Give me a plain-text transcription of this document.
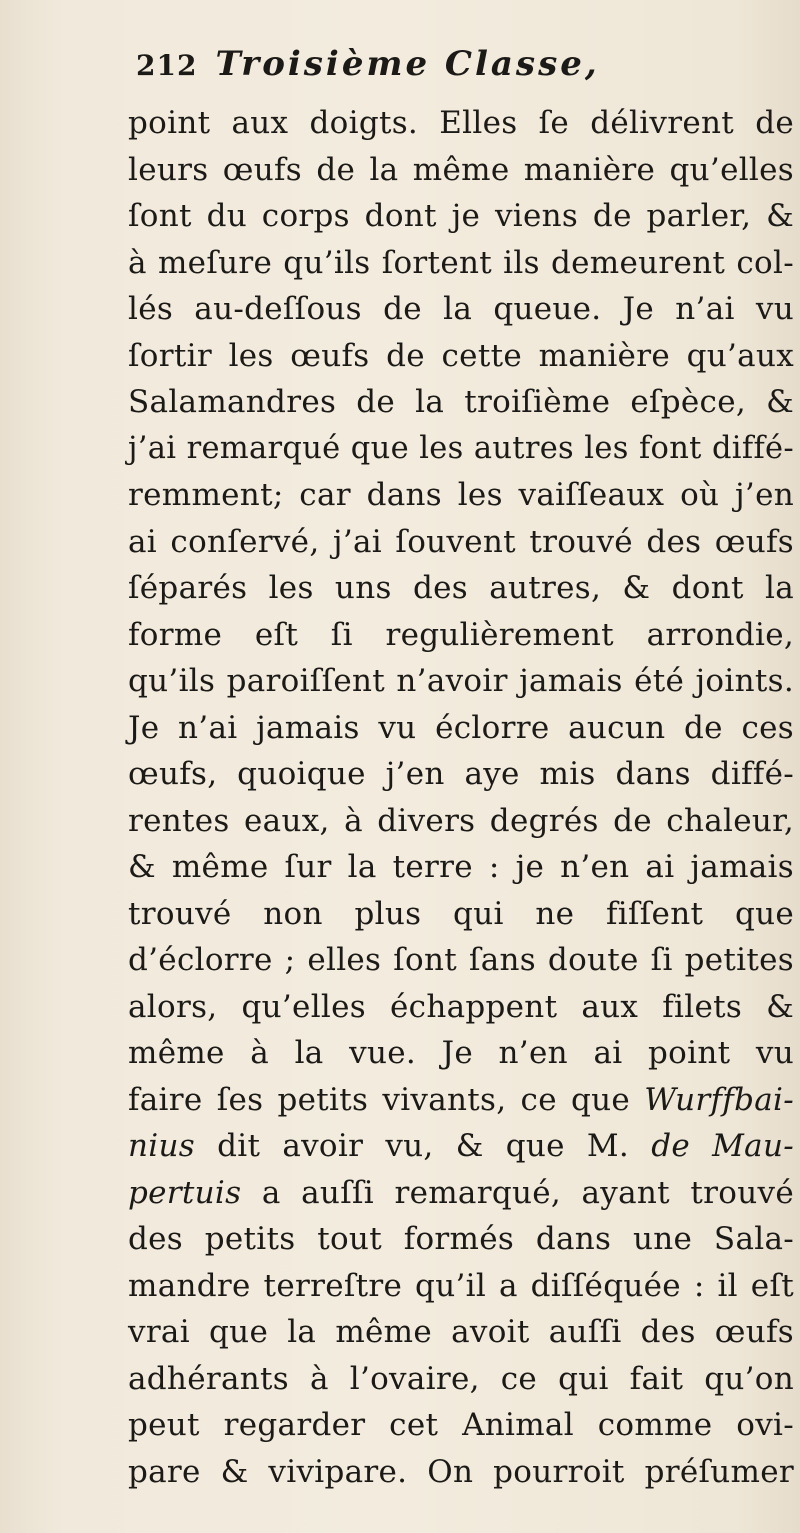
212 Troisième Classe,
point aux doigts. Elles ſe délivrent de
leurs œufs de la même manière qu’elles
ſont du corps dont je viens de parler, &
à meſure qu’ils ſortent ils demeurent col-
lés au-deſſous de la queue. Je n’ai vu
ſortir les œufs de cette manière qu’aux
Salamandres de la troiſième eſpèce, &
j’ai remarqué que les autres les font diffé-
remment; car dans les vaiſſeaux où j’en
ai conſervé, j’ai ſouvent trouvé des œufs
ſéparés les uns des autres, & dont la
forme eſt ſi regulièrement arrondie,
qu’ils paroiſſent n’avoir jamais été joints.
Je n’ai jamais vu éclorre aucun de ces
œufs, quoique j’en aye mis dans diffé-
rentes eaux, à divers degrés de chaleur,
& même ſur la terre : je n’en ai jamais
trouvé non plus qui ne fiſſent que
d’éclorre ; elles ſont ſans doute ſi petites
alors, qu’elles échappent aux filets &
même à la vue. Je n’en ai point vu
faire ſes petits vivants, ce que Wurffbai-
nius dit avoir vu, & que M. de Mau-
pertuis a auſſi remarqué, ayant trouvé
des petits tout formés dans une Sala-
mandre terreſtre qu’il a diſſéquée : il eſt
vrai que la même avoit auſſi des œufs
adhérants à l’ovaire, ce qui fait qu’on
peut regarder cet Animal comme ovi-
pare & vivipare. On pourroit préſumer
